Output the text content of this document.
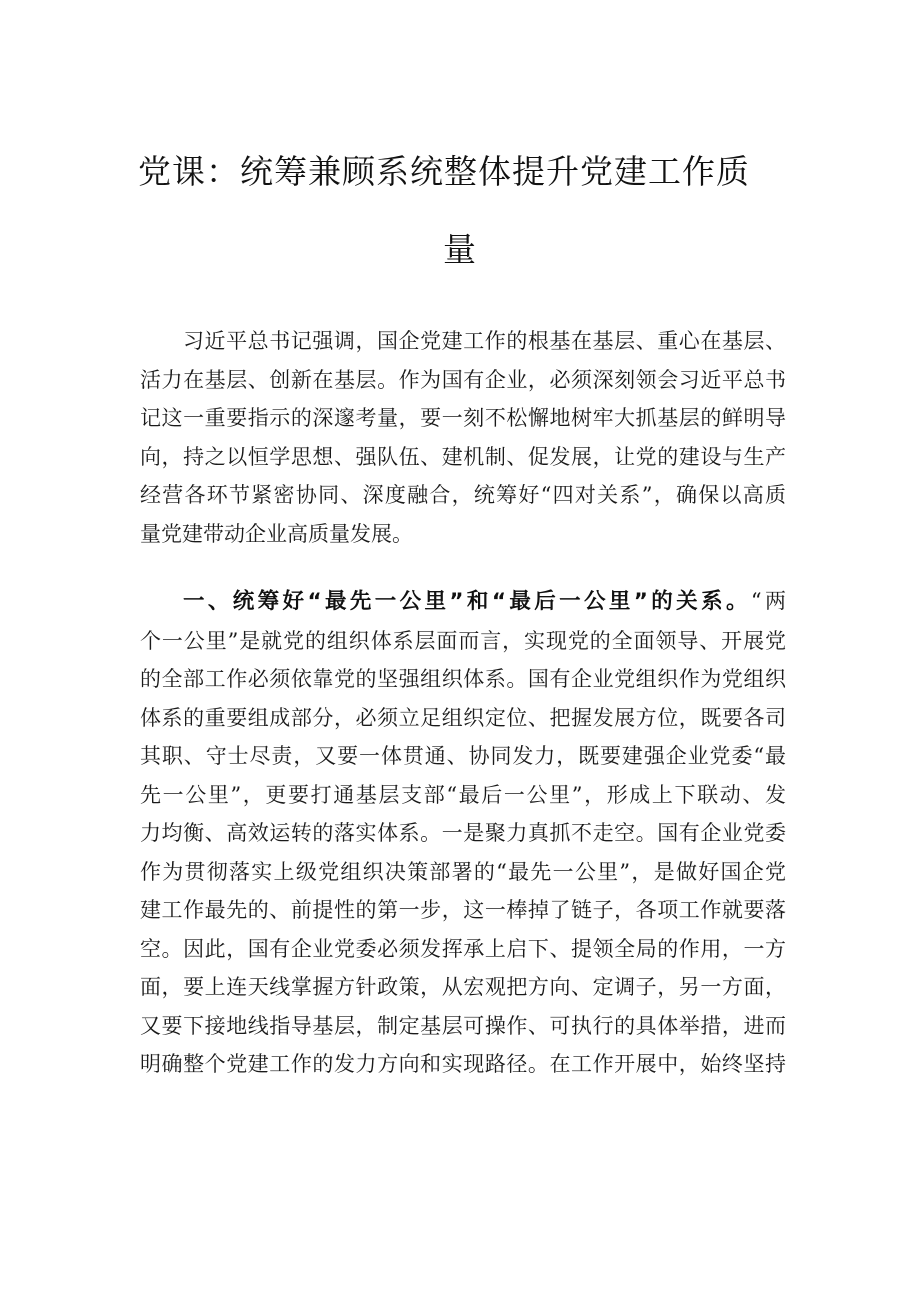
党课：统筹兼顾系统整体提升党建工作质
量
习近平总书记强调，国企党建工作的根基在基层、重心在基层、
活力在基层、创新在基层。作为国有企业，必须深刻领会习近平总书
记这一重要指示的深邃考量，要一刻不松懈地树牢大抓基层的鲜明导
向，持之以恒学思想、强队伍、建机制、促发展，让党的建设与生产
经营各环节紧密协同、深度融合，统筹好“四对关系”，确保以高质
量党建带动企业高质量发展。
一、统筹好“最先一公里”和“最后一公里”的关系。“两
个一公里”是就党的组织体系层面而言，实现党的全面领导、开展党
的全部工作必须依靠党的坚强组织体系。国有企业党组织作为党组织
体系的重要组成部分，必须立足组织定位、把握发展方位，既要各司
其职、守士尽责，又要一体贯通、协同发力，既要建强企业党委“最
先一公里”，更要打通基层支部“最后一公里”，形成上下联动、发
力均衡、高效运转的落实体系。一是聚力真抓不走空。国有企业党委
作为贯彻落实上级党组织决策部署的“最先一公里”，是做好国企党
建工作最先的、前提性的第一步，这一棒掉了链子，各项工作就要落
空。因此，国有企业党委必须发挥承上启下、提领全局的作用，一方
面，要上连天线掌握方针政策，从宏观把方向、定调子，另一方面，
又要下接地线指导基层，制定基层可操作、可执行的具体举措，进而
明确整个党建工作的发力方向和实现路径。在工作开展中，始终坚持
